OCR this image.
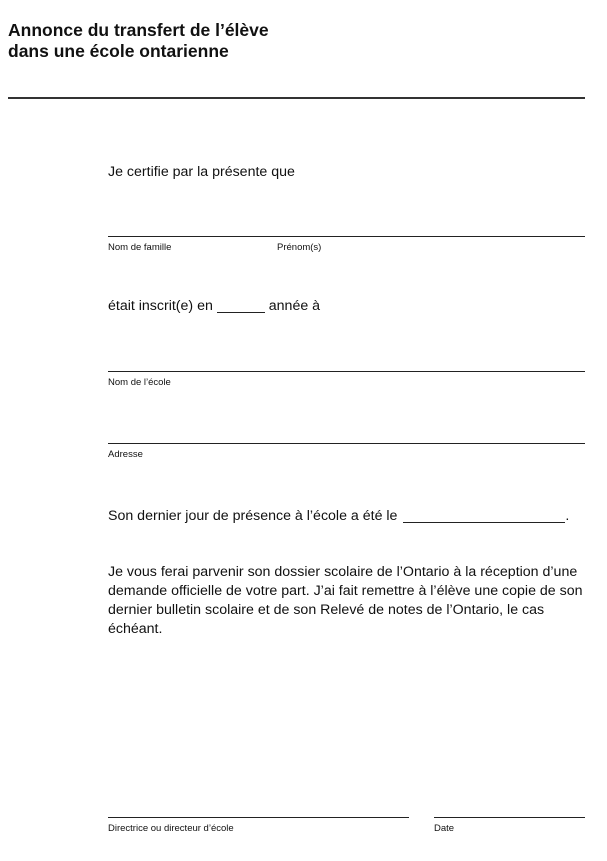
Annonce du transfert de l’élève
dans une école ontarienne

Je certifie par la présente que

Nom de famille	Prénom(s)

était inscrit(e) en	année à

Nom de l’école
Adresse

Son dernier jour de présence à l’école a été le	.

Je vous ferai parvenir son dossier scolaire de l’Ontario à la réception d’une demande officielle de votre part. J’ai fait remettre à l’élève une copie de son dernier bulletin scolaire et de son Relevé de notes de l’Ontario, le cas échéant.

Directrice ou directeur d’école	Date
